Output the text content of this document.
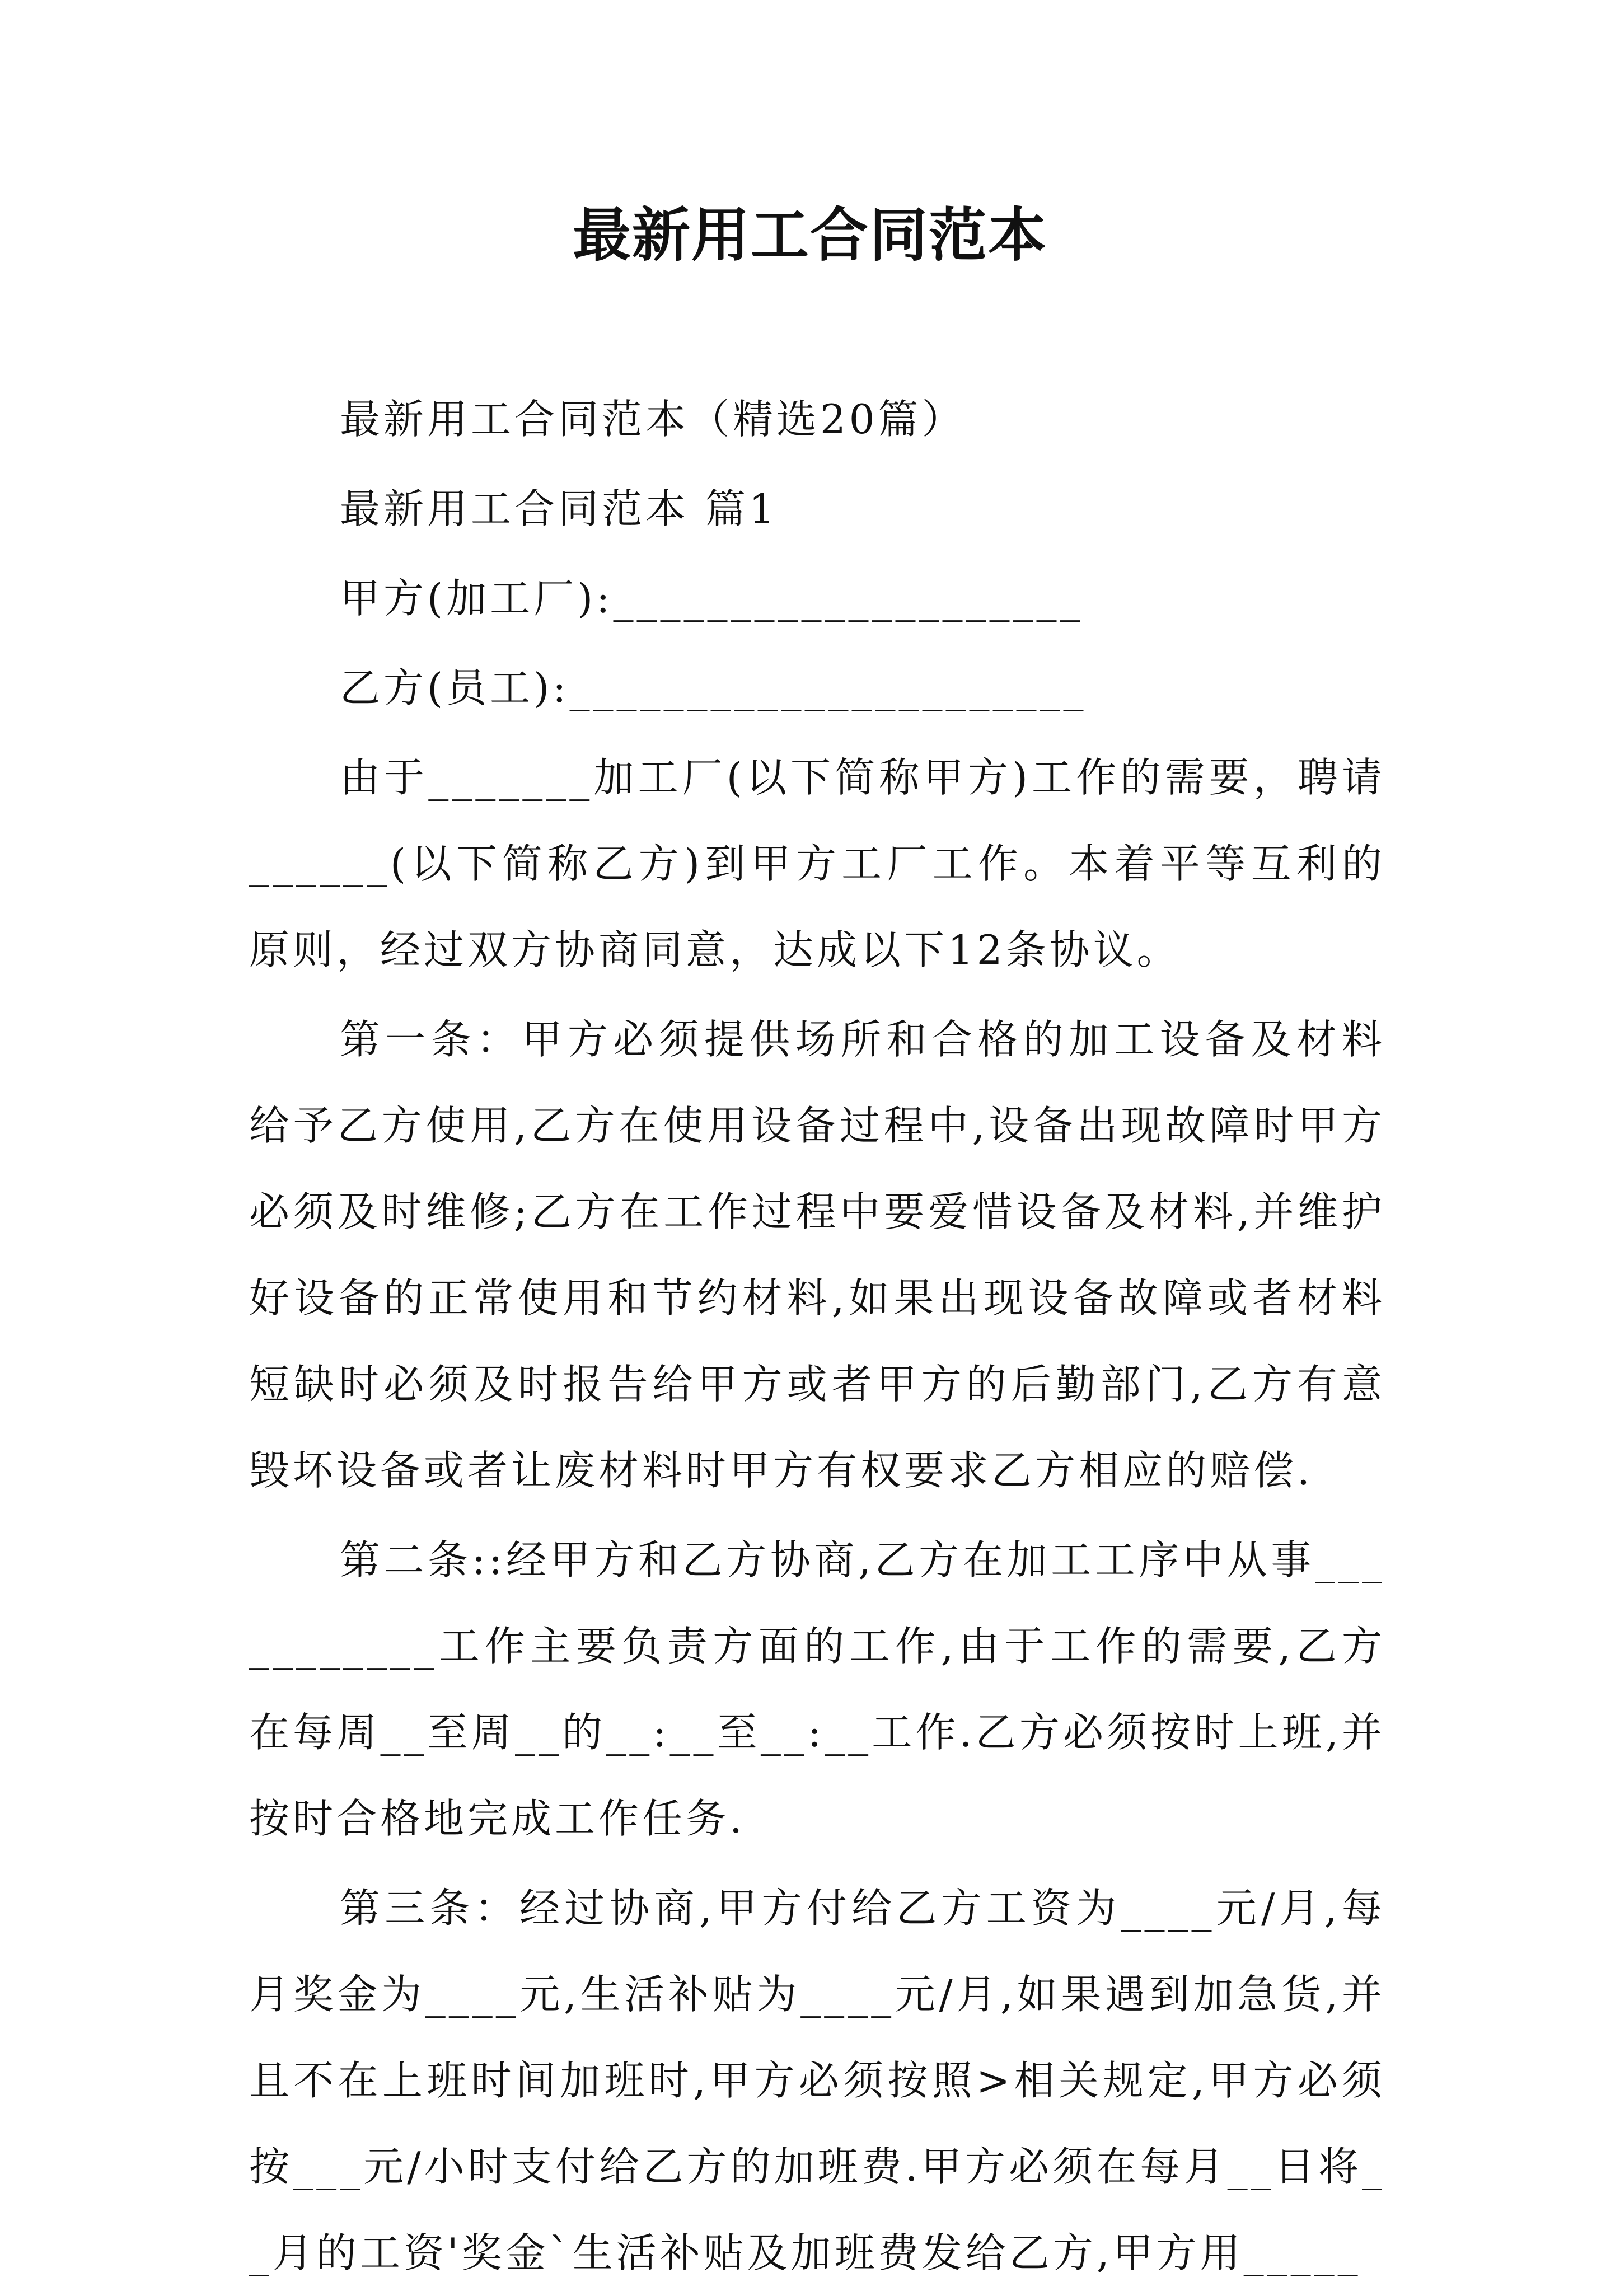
最新用工合同范本

最新用工合同范本（精选20篇）

最新用工合同范本 篇1

甲方(加工厂):____________________

乙方(员工):______________________

由于_______加工厂(以下简称甲方)工作的需要，聘请______(以下简称乙方)到甲方工厂工作。本着平等互利的原则，经过双方协商同意，达成以下12条协议。

第一条：甲方必须提供场所和合格的加工设备及材料给予乙方使用,乙方在使用设备过程中,设备出现故障时甲方必须及时维修;乙方在工作过程中要爱惜设备及材料,并维护好设备的正常使用和节约材料,如果出现设备故障或者材料短缺时必须及时报告给甲方或者甲方的后勤部门,乙方有意毁坏设备或者让废材料时甲方有权要求乙方相应的赔偿.

第二条::经甲方和乙方协商,乙方在加工工序中从事___________工作主要负责方面的工作,由于工作的需要,乙方在每周__至周__的__:__至__:__工作.乙方必须按时上班,并按时合格地完成工作任务.

第三条：经过协商,甲方付给乙方工资为____元/月,每月奖金为____元,生活补贴为____元/月,如果遇到加急货,并且不在上班时间加班时,甲方必须按照>相关规定,甲方必须按___元/小时支付给乙方的加班费.甲方必须在每月__日将__月的工资'奖金`生活补贴及加班费发给乙方,甲方用_____
